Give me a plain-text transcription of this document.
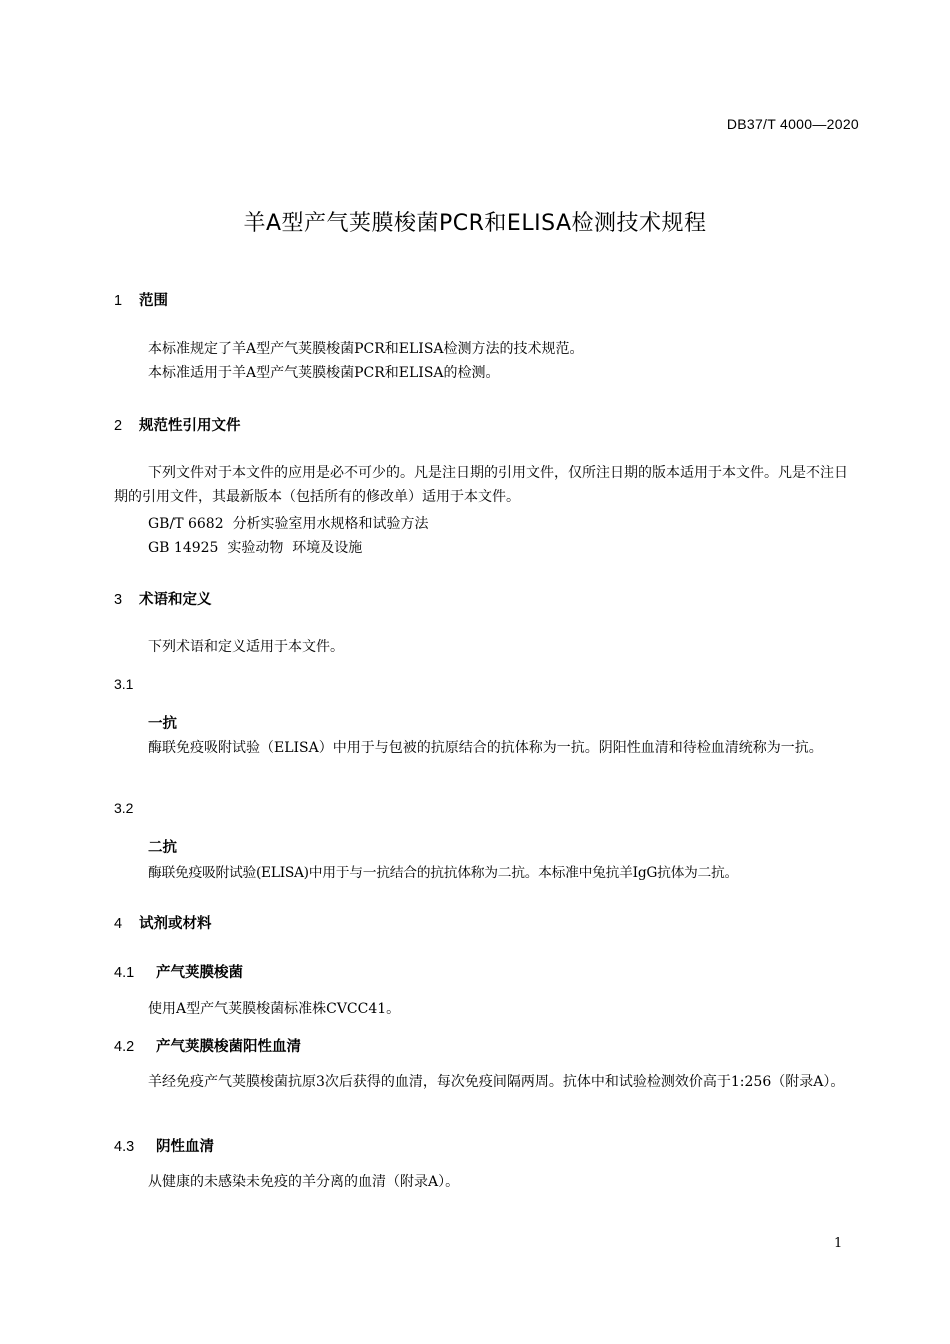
DB37/T 4000—2020
羊A型产气荚膜梭菌PCR和ELISA检测技术规程
1 范围
本标准规定了羊A型产气荚膜梭菌PCR和ELISA检测方法的技术规范。
本标准适用于羊A型产气荚膜梭菌PCR和ELISA的检测。
2 规范性引用文件
下列文件对于本文件的应用是必不可少的。凡是注日期的引用文件，仅所注日期的版本适用于本文件。凡是不注日期的引用文件，其最新版本（包括所有的修改单）适用于本文件。
GB/T 6682  分析实验室用水规格和试验方法
GB 14925  实验动物  环境及设施
3 术语和定义
下列术语和定义适用于本文件。
3.1
一抗
酶联免疫吸附试验（ELISA）中用于与包被的抗原结合的抗体称为一抗。阴阳性血清和待检血清统称为一抗。
3.2
二抗
酶联免疫吸附试验(ELISA)中用于与一抗结合的抗抗体称为二抗。本标准中兔抗羊IgG抗体为二抗。
4 试剂或材料
4.1 产气荚膜梭菌
使用A型产气荚膜梭菌标准株CVCC41。
4.2 产气荚膜梭菌阳性血清
羊经免疫产气荚膜梭菌抗原3次后获得的血清，每次免疫间隔两周。抗体中和试验检测效价高于1:256（附录A）。
4.3 阴性血清
从健康的未感染未免疫的羊分离的血清（附录A）。
1
